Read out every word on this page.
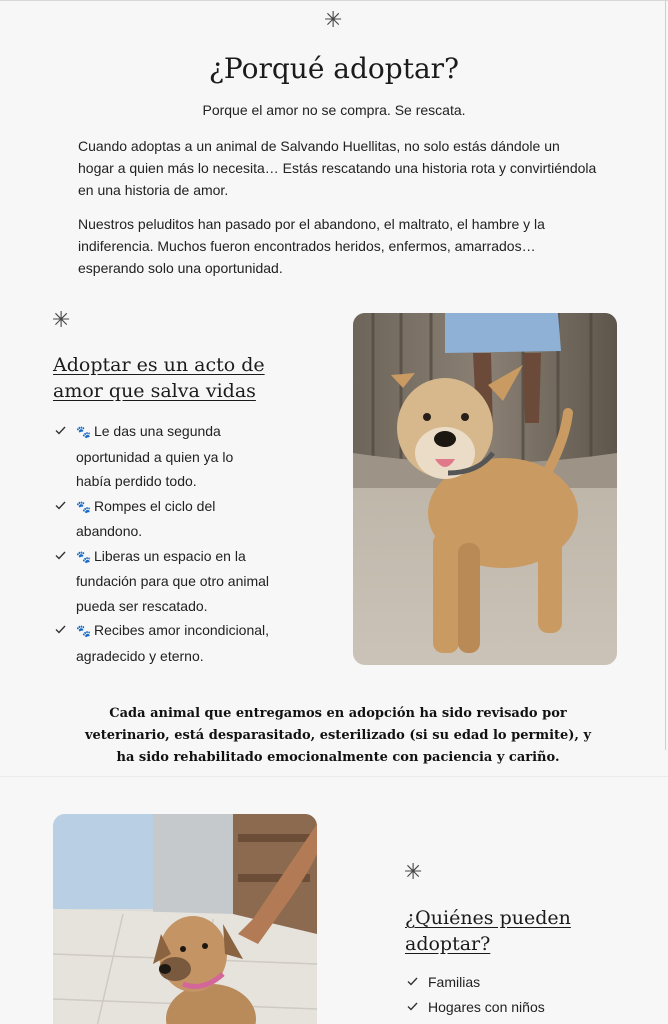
✳
¿Porqué adoptar?

Porque el amor no se compra. Se rescata.

Cuando adoptas a un animal de Salvando Huellitas, no solo estás dándole un hogar a quien más lo necesita… Estás rescatando una historia rota y convirtiéndola en una historia de amor.

Nuestros peluditos han pasado por el abandono, el maltrato, el hambre y la indiferencia. Muchos fueron encontrados heridos, enfermos, amarrados… esperando solo una oportunidad.

✳
Adoptar es un acto de amor que salva vidas
🐾 Le das una segunda oportunidad a quien ya lo había perdido todo.
🐾 Rompes el ciclo del abandono.
🐾 Liberas un espacio en la fundación para que otro animal pueda ser rescatado.
🐾 Recibes amor incondicional, agradecido y eterno.

Cada animal que entregamos en adopción ha sido revisado por veterinario, está desparasitado, esterilizado (si su edad lo permite), y ha sido rehabilitado emocionalmente con paciencia y cariño.

✳
¿Quiénes pueden adoptar?
Familias
Hogares con niños
